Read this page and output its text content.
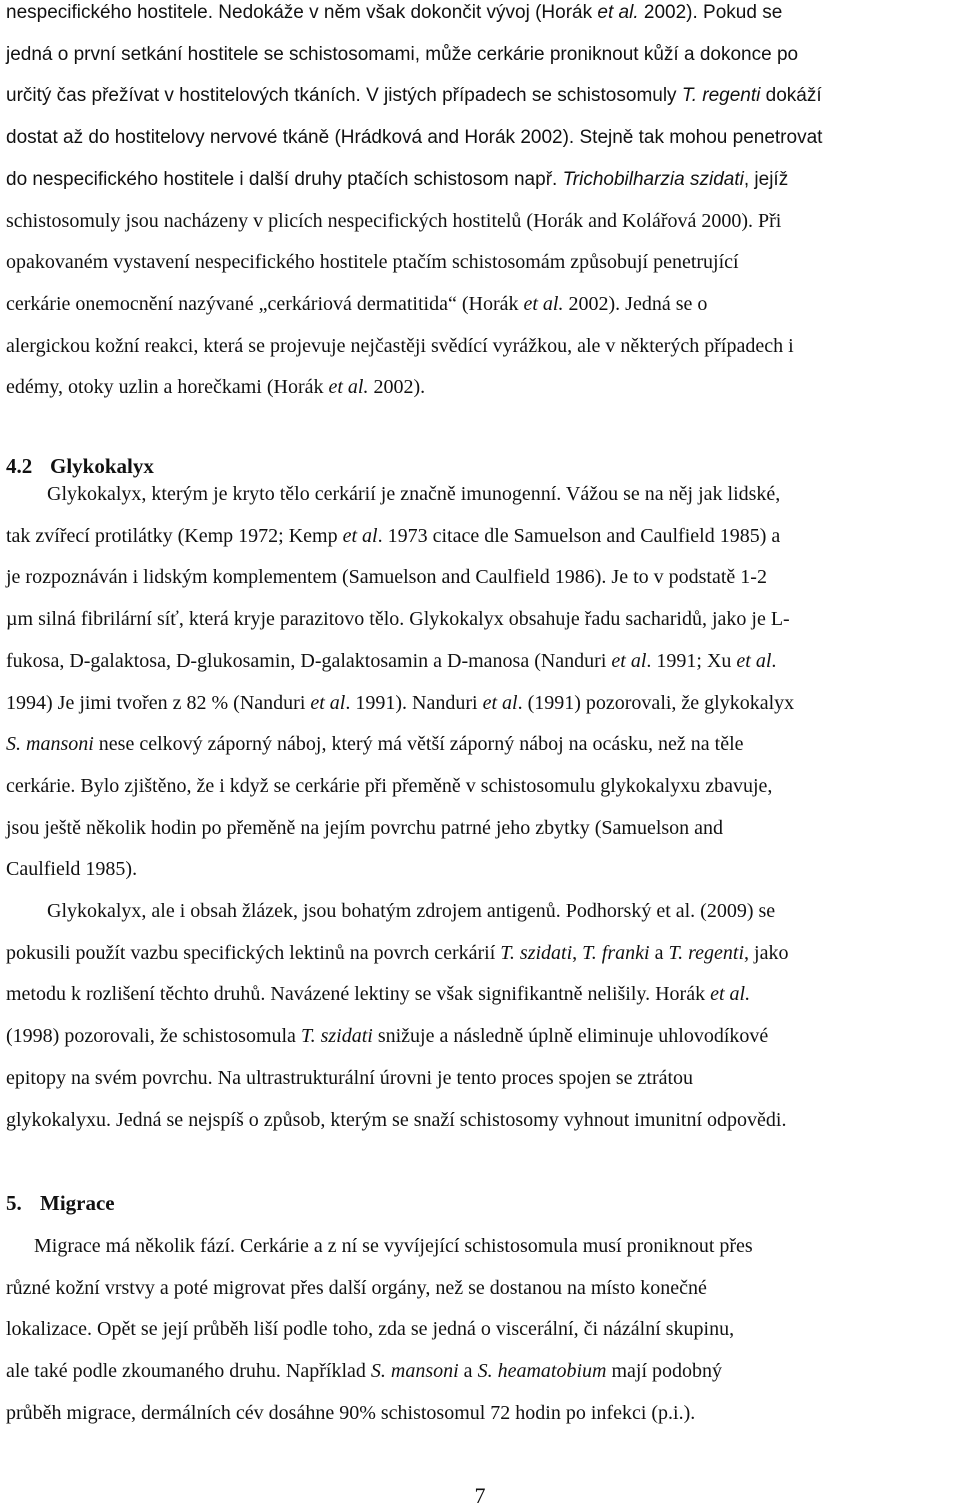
nespecifického hostitele. Nedokáže v něm však dokončit vývoj (Horák et al. 2002). Pokud se
jedná o první setkání hostitele se schistosomami, může cerkárie proniknout kůží a dokonce po
určitý čas přežívat v hostitelových tkáních. V jistých případech se schistosomuly T. regenti dokáží
dostat až do hostitelovy nervové tkáně (Hrádková and Horák 2002). Stejně tak mohou penetrovat
do nespecifického hostitele i další druhy ptačích schistosom např. Trichobilharzia szidati, jejíž
schistosomuly jsou nacházeny v plicích nespecifických hostitelů (Horák and Kolářová 2000). Při
opakovaném vystavení nespecifického hostitele ptačím schistosomám způsobují penetrující
cerkárie onemocnění nazývané „cerkáriová dermatitida“ (Horák et al. 2002). Jedná se o
alergickou kožní reakci, která se projevuje nejčastěji svědící vyrážkou, ale v některých případech i
edémy, otoky uzlin a horečkami (Horák et al. 2002).

4.2 Glykokalyx

Glykokalyx, kterým je kryto tělo cerkárií je značně imunogenní. Vážou se na něj jak lidské,
tak zvířecí protilátky (Kemp 1972; Kemp et al. 1973 citace dle Samuelson and Caulfield 1985) a
je rozpoznáván i lidským komplementem (Samuelson and Caulfield 1986). Je to v podstatě 1-2
µm silná fibrilární síť, která kryje parazitovo tělo. Glykokalyx obsahuje řadu sacharidů, jako je L-
fukosa, D-galaktosa, D-glukosamin, D-galaktosamin a D-manosa (Nanduri et al. 1991; Xu et al.
1994) Je jimi tvořen z 82 % (Nanduri et al. 1991). Nanduri et al. (1991) pozorovali, že glykokalyx
S. mansoni nese celkový záporný náboj, který má větší záporný náboj na ocásku, než na těle
cerkárie. Bylo zjištěno, že i když se cerkárie při přeměně v schistosomulu glykokalyxu zbavuje,
jsou ještě několik hodin po přeměně na jejím povrchu patrné jeho zbytky (Samuelson and
Caulfield 1985).

Glykokalyx, ale i obsah žlázek, jsou bohatým zdrojem antigenů. Podhorský et al. (2009) se
pokusili použít vazbu specifických lektinů na povrch cerkárií T. szidati, T. franki a T. regenti, jako
metodu k rozlišení těchto druhů. Navázené lektiny se však signifikantně nelišily. Horák et al.
(1998) pozorovali, že schistosomula T. szidati snižuje a následně úplně eliminuje uhlovodíkové
epitopy na svém povrchu. Na ultrastrukturální úrovni je tento proces spojen se ztrátou
glykokalyxu. Jedná se nejspíš o způsob, kterým se snaží schistosomy vyhnout imunitní odpovědi.

5. Migrace

Migrace má několik fází. Cerkárie a z ní se vyvíjející schistosomula musí proniknout přes
různé kožní vrstvy a poté migrovat přes další orgány, než se dostanou na místo konečné
lokalizace. Opět se její průběh liší podle toho, zda se jedná o viscerální, či názální skupinu,
ale také podle zkoumaného druhu. Například S. mansoni a S. heamatobium mají podobný
průběh migrace, dermálních cév dosáhne 90% schistosomul 72 hodin po infekci (p.i.).

7
